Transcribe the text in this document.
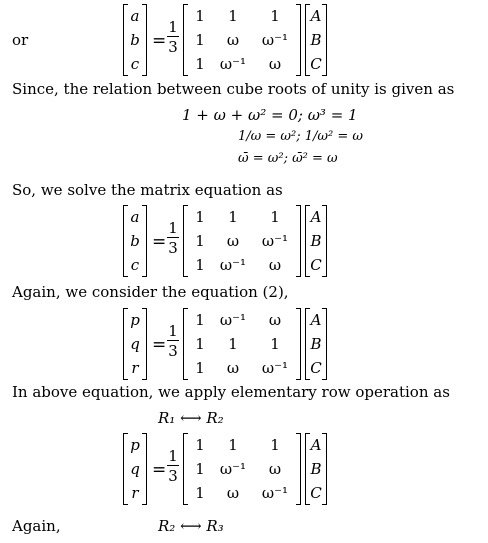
or
a
b
c
= $\frac{1}{3}$
1	1	1
1	ω	ω⁻¹
1	ω⁻¹	ω
A
B
C
Since, the relation between cube roots of unity is given as
1 + ω + ω² = 0; ω³ = 1
1/ω = ω²; 1/ω² = ω
ω̄ = ω²; ω̄² = ω
So, we solve the matrix equation as
a
b
c
= $\frac{1}{3}$
1	1	1
1	ω	ω⁻¹
1	ω⁻¹	ω
A
B
C
Again, we consider the equation (2),
p
q
r
= $\frac{1}{3}$
1	ω⁻¹	ω
1	1	1
1	ω	ω⁻¹
A
B
C
In above equation, we apply elementary row operation as
R₁ ⟷ R₂
p
q
r
= $\frac{1}{3}$
1	1	1
1	ω⁻¹	ω
1	ω	ω⁻¹
A
B
C
Again,	R₂ ⟷ R₃
